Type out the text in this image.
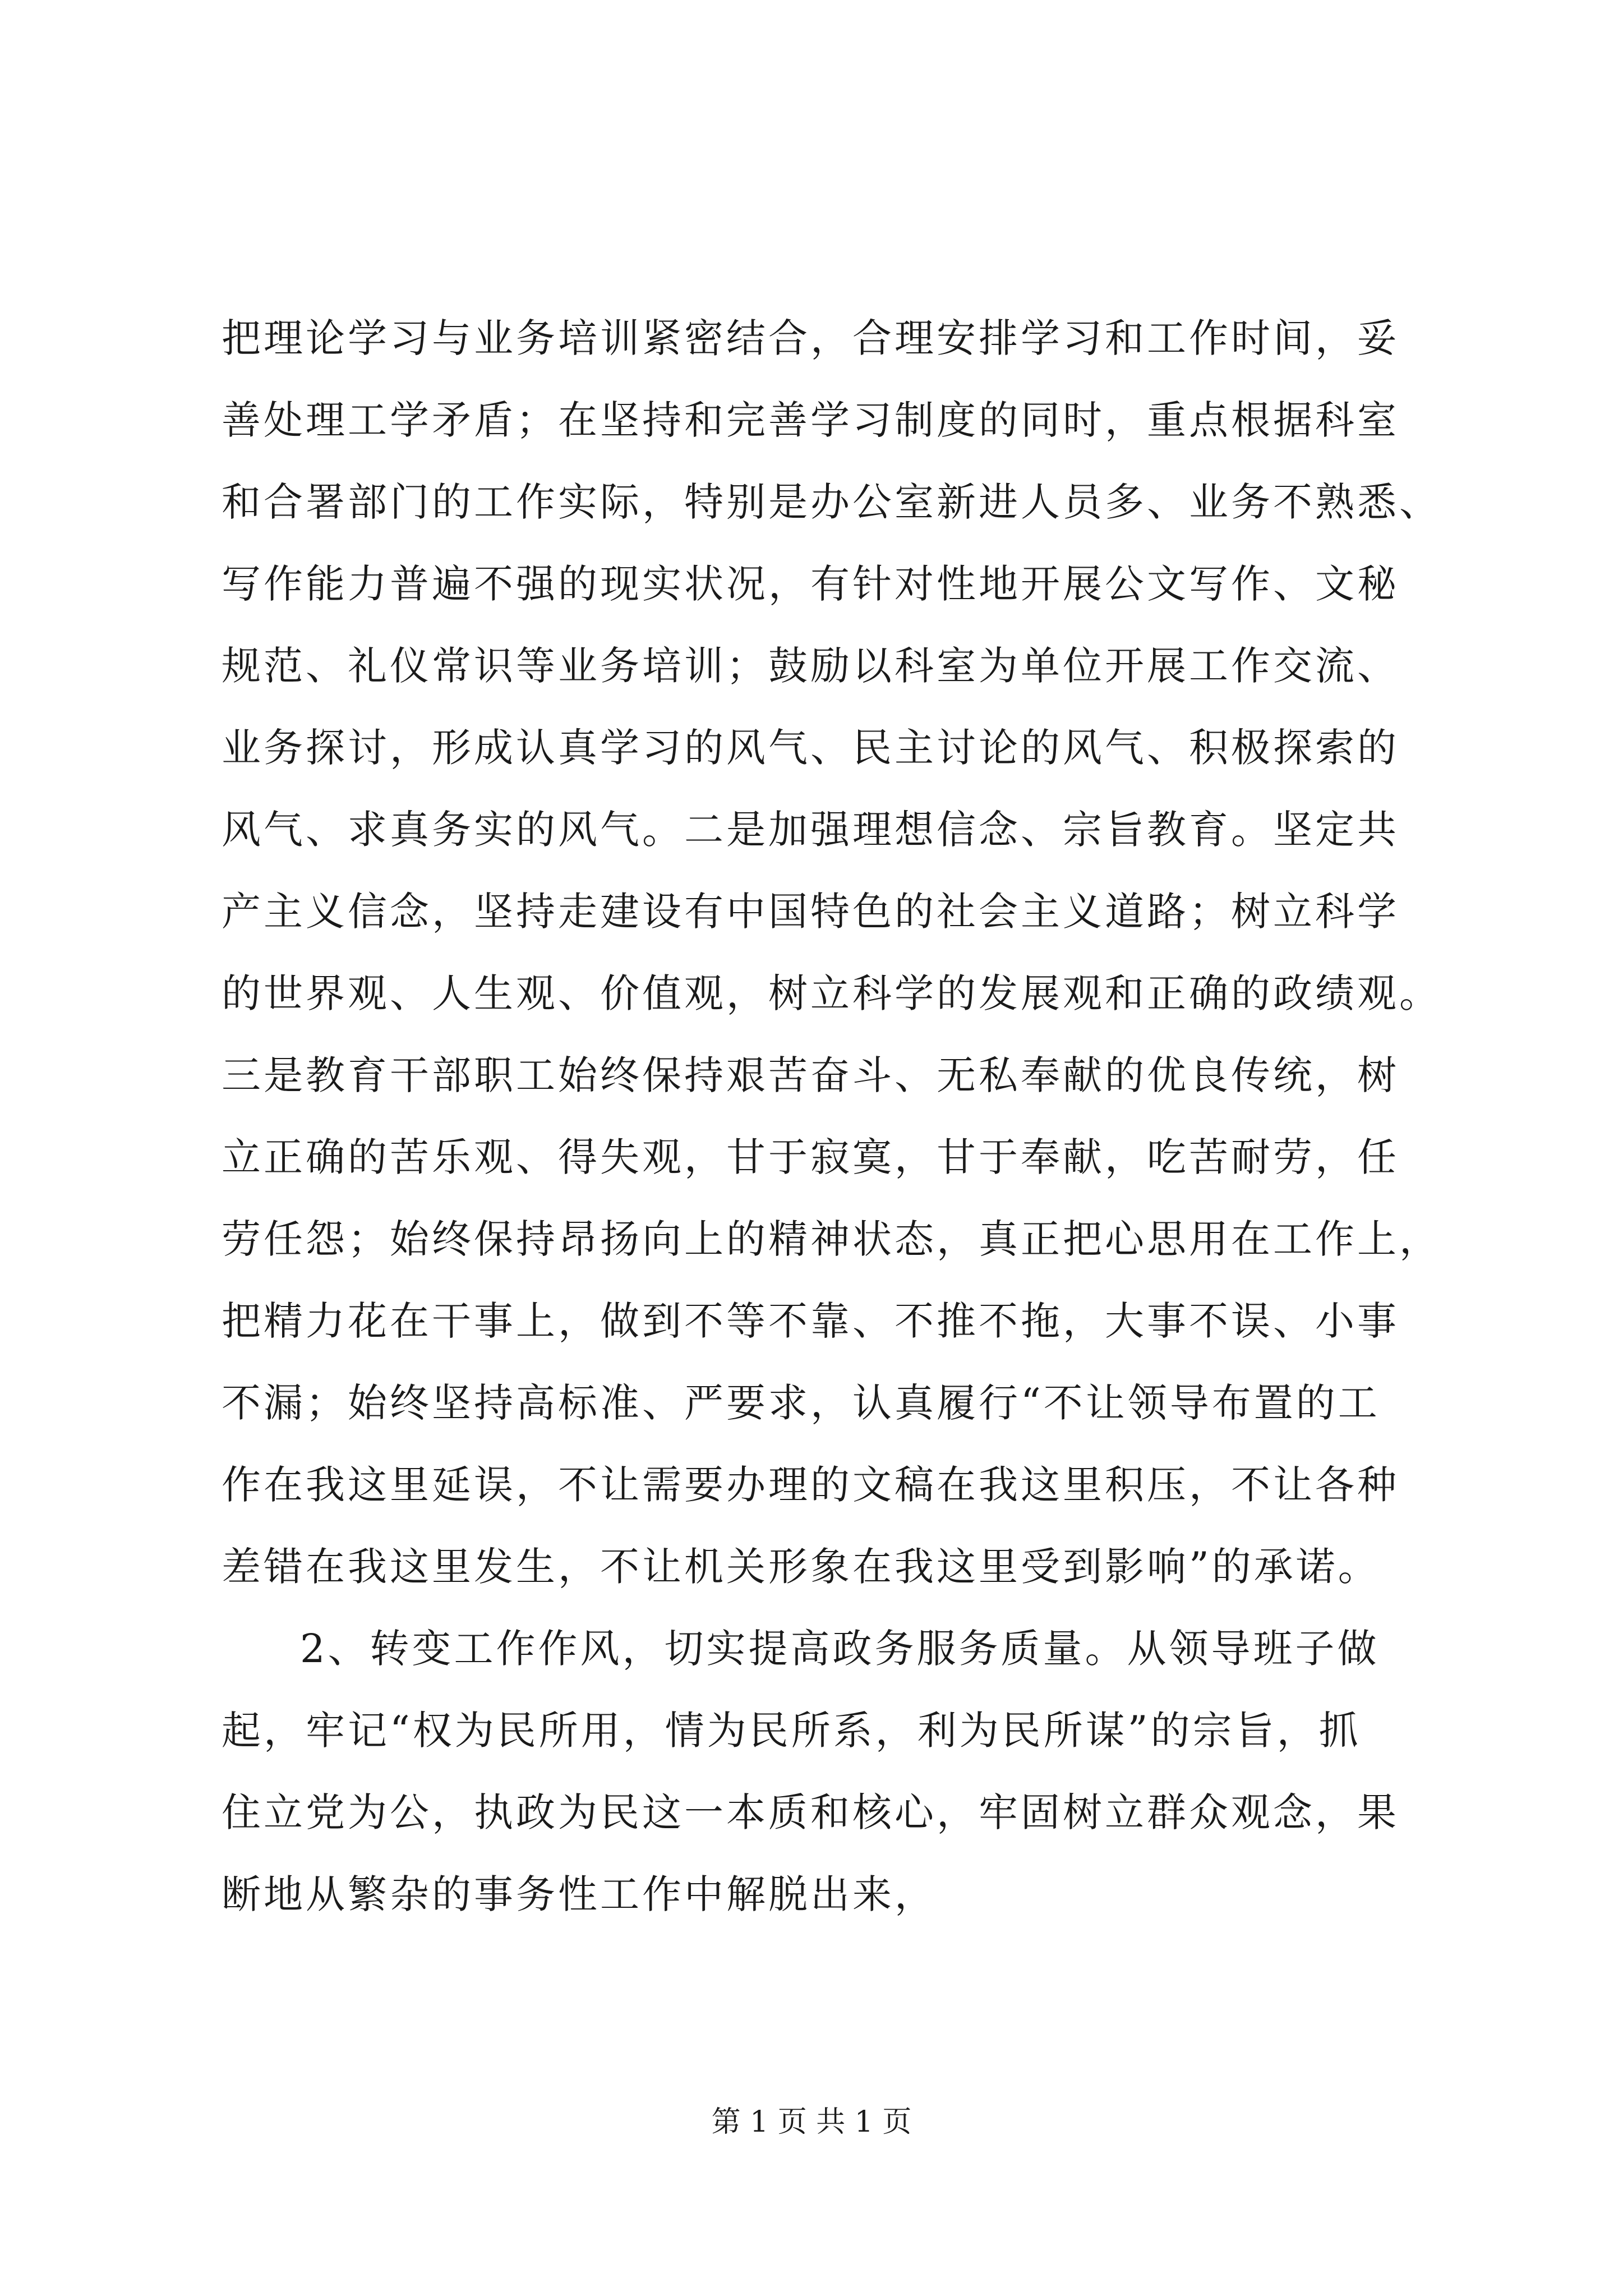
把理论学习与业务培训紧密结合，合理安排学习和工作时间，妥
善处理工学矛盾；在坚持和完善学习制度的同时，重点根据科室
和合署部门的工作实际，特别是办公室新进人员多、业务不熟悉、
写作能力普遍不强的现实状况，有针对性地开展公文写作、文秘
规范、礼仪常识等业务培训；鼓励以科室为单位开展工作交流、
业务探讨，形成认真学习的风气、民主讨论的风气、积极探索的
风气、求真务实的风气。二是加强理想信念、宗旨教育。坚定共
产主义信念，坚持走建设有中国特色的社会主义道路；树立科学
的世界观、人生观、价值观，树立科学的发展观和正确的政绩观。
三是教育干部职工始终保持艰苦奋斗、无私奉献的优良传统，树
立正确的苦乐观、得失观，甘于寂寞，甘于奉献，吃苦耐劳，任
劳任怨；始终保持昂扬向上的精神状态，真正把心思用在工作上，
把精力花在干事上，做到不等不靠、不推不拖，大事不误、小事
不漏；始终坚持高标准、严要求，认真履行“不让领导布置的工
作在我这里延误，不让需要办理的文稿在我这里积压，不让各种
差错在我这里发生，不让机关形象在我这里受到影响”的承诺。
2、转变工作作风，切实提高政务服务质量。从领导班子做
起，牢记“权为民所用，情为民所系，利为民所谋”的宗旨，抓
住立党为公，执政为民这一本质和核心，牢固树立群众观念，果
断地从繁杂的事务性工作中解脱出来，
第 1 页 共 1 页
